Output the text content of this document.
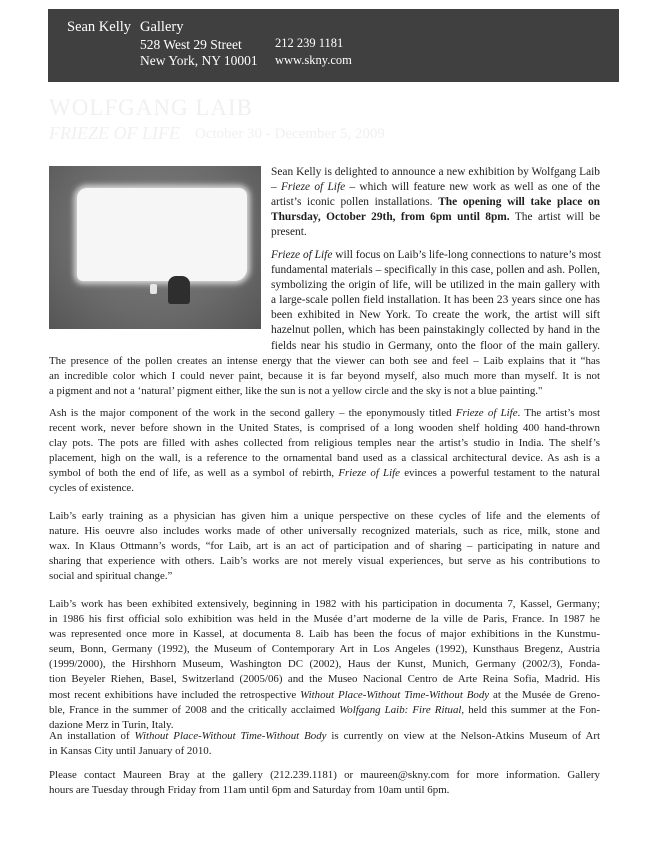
Sean Kelly Gallery
528 West 29 Street
New York, NY 10001
212 239 1181
www.skny.com
WOLFGANG LAIB
FRIEZE OF LIFE October 30 - December 5, 2009
Sean Kelly is delighted to announce a new exhibition by Wolfgang Laib
– Frieze of Life – which will feature new work as well as one of the
artist’s iconic pollen installations. The opening will take place on
Thursday, October 29th, from 6pm until 8pm. The artist will be
present.
Frieze of Life will focus on Laib’s life-long connections to nature’s most
fundamental materials – specifically in this case, pollen and ash. Pollen,
symbolizing the origin of life, will be utilized in the main gallery with
a large-scale pollen field installation. It has been 23 years since one has
been exhibited in New York. To create the work, the artist will sift
hazelnut pollen, which has been painstakingly collected by hand in the
fields near his studio in Germany, onto the floor of the main gallery.
The presence of the pollen creates an intense energy that the viewer can both see and feel – Laib explains that it “has
an incredible color which I could never paint, because it is far beyond myself, also much more than myself. It is not
a pigment and not a ‘natural’ pigment either, like the sun is not a yellow circle and the sky is not a blue painting."
Ash is the major component of the work in the second gallery – the eponymously titled Frieze of Life. The artist’s most
recent work, never before shown in the United States, is comprised of a long wooden shelf holding 400 hand-thrown
clay pots. The pots are filled with ashes collected from religious temples near the artist’s studio in India. The shelf’s
placement, high on the wall, is a reference to the ornamental band used as a classical architectural device. As ash is a
symbol of both the end of life, as well as a symbol of rebirth, Frieze of Life evinces a powerful testament to the natural
cycles of existence.
Laib’s early training as a physician has given him a unique perspective on these cycles of life and the elements of
nature. His oeuvre also includes works made of other universally recognized materials, such as rice, milk, stone and
wax. In Klaus Ottmann’s words, “for Laib, art is an act of participation and of sharing – participating in nature and
sharing that experience with others. Laib’s works are not merely visual experiences, but serve as his contributions to
social and spiritual change.”
Laib’s work has been exhibited extensively, beginning in 1982 with his participation in documenta 7, Kassel, Germany;
in 1986 his first official solo exhibition was held in the Musée d’art moderne de la ville de Paris, France. In 1987 he
was represented once more in Kassel, at documenta 8. Laib has been the focus of major exhibitions in the Kunstmu-
seum, Bonn, Germany (1992), the Museum of Contemporary Art in Los Angeles (1992), Kunsthaus Bregenz, Austria
(1999/2000), the Hirshhorn Museum, Washington DC (2002), Haus der Kunst, Munich, Germany (2002/3), Fonda-
tion Beyeler Riehen, Basel, Switzerland (2005/06) and the Museo Nacional Centro de Arte Reina Sofia, Madrid. His
most recent exhibitions have included the retrospective Without Place-Without Time-Without Body at the Musée de Greno-
ble, France in the summer of 2008 and the critically acclaimed Wolfgang Laib: Fire Ritual, held this summer at the Fon-
dazione Merz in Turin, Italy.
An installation of Without Place-Without Time-Without Body is currently on view at the Nelson-Atkins Museum of Art
in Kansas City until January of 2010.
Please contact Maureen Bray at the gallery (212.239.1181) or maureen@skny.com for more information. Gallery
hours are Tuesday through Friday from 11am until 6pm and Saturday from 10am until 6pm.
